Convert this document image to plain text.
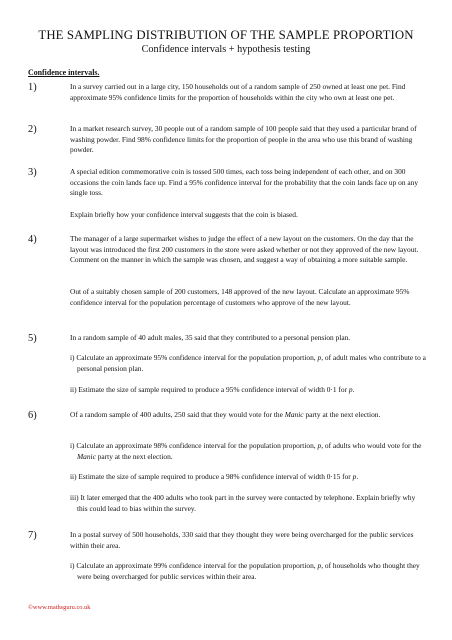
THE SAMPLING DISTRIBUTION OF THE SAMPLE PROPORTION
Confidence intervals + hypothesis testing
Confidence intervals.
1)	In a survey carried out in a large city, 150 households out of a random sample of 250 owned at least one pet. Find approximate 95% confidence limits for the proportion of households within the city who own at least one pet.
2)	In a market research survey, 30 people out of a random sample of 100 people said that they used a particular brand of washing powder. Find 98% confidence limits for the proportion of people in the area who use this brand of washing powder.
3)	A special edition commemorative coin is tossed 500 times, each toss being independent of each other, and on 300 occasions the coin lands face up. Find a 95% confidence interval for the probability that the coin lands face up on any single toss.
Explain briefly how your confidence interval suggests that the coin is biased.
4)	The manager of a large supermarket wishes to judge the effect of a new layout on the customers. On the day that the layout was introduced the first 200 customers in the store were asked whether or not they approved of the new layout. Comment on the manner in which the sample was chosen, and suggest a way of obtaining a more suitable sample.
Out of a suitably chosen sample of 200 customers, 148 approved of the new layout. Calculate an approximate 95% confidence interval for the population percentage of customers who approve of the new layout.
5)	In a random sample of 40 adult males, 35 said that they contributed to a personal pension plan.
i) Calculate an approximate 95% confidence interval for the population proportion, p, of adult males who contribute to a personal pension plan.
ii) Estimate the size of sample required to produce a 95% confidence interval of width 0·1 for p.
6)	Of a random sample of 400 adults, 250 said that they would vote for the Manic party at the next election.
i) Calculate an approximate 98% confidence interval for the population proportion, p, of adults who would vote for the Manic party at the next election.
ii) Estimate the size of sample required to produce a 98% confidence interval of width 0·15 for p.
iii) It later emerged that the 400 adults who took part in the survey were contacted by telephone. Explain briefly why this could lead to bias within the survey.
7)	In a postal survey of 500 households, 330 said that they thought they were being overcharged for the public services within their area.
i) Calculate an approximate 99% confidence interval for the population proportion, p, of households who thought they were being overcharged for public services within their area.
©www.mathsguru.co.uk
